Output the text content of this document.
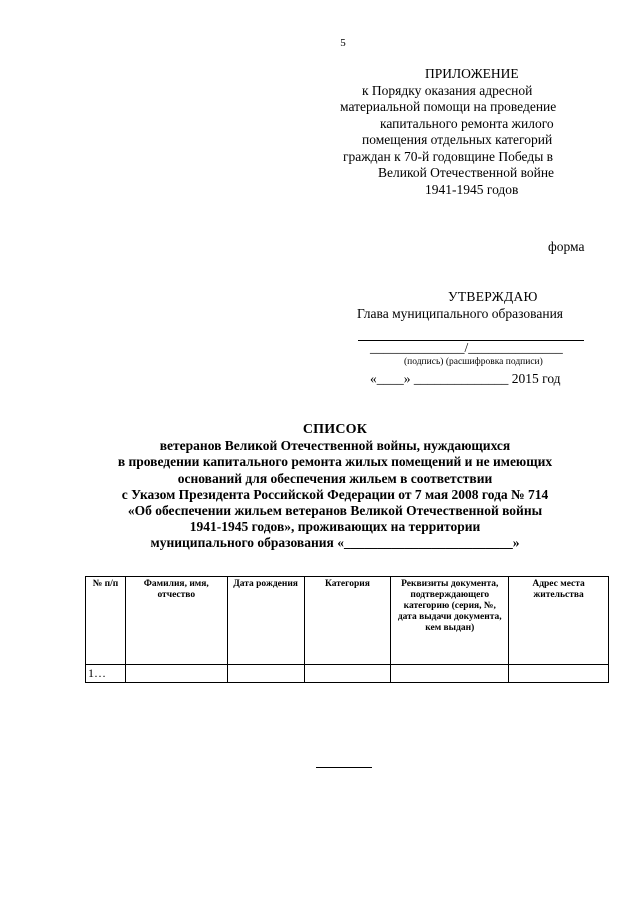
5
ПРИЛОЖЕНИЕ
к Порядку оказания адресной
материальной помощи на проведение
капитального ремонта жилого
помещения отдельных категорий
граждан к 70-й годовщине Победы в
Великой Отечественной войне
1941-1945 годов
форма
УТВЕРЖДАЮ
Глава муниципального образования
______________/______________
(подпись) (расшифровка подписи)
«____» ______________ 2015 год
СПИСОК
ветеранов Великой Отечественной войны, нуждающихся
в проведении капитального ремонта жилых помещений и не имеющих
оснований для обеспечения жильем в соответствии
с Указом Президента Российской Федерации от 7 мая 2008 года № 714
«Об обеспечении жильем ветеранов Великой Отечественной войны
1941-1945 годов», проживающих на территории
муниципального образования «_________________________»
№ п/п	Фамилия, имя, отчество	Дата рождения	Категория	Реквизиты документа, подтверждающего категорию (серия, №, дата выдачи документа, кем выдан)	Адрес места жительства
1…					
